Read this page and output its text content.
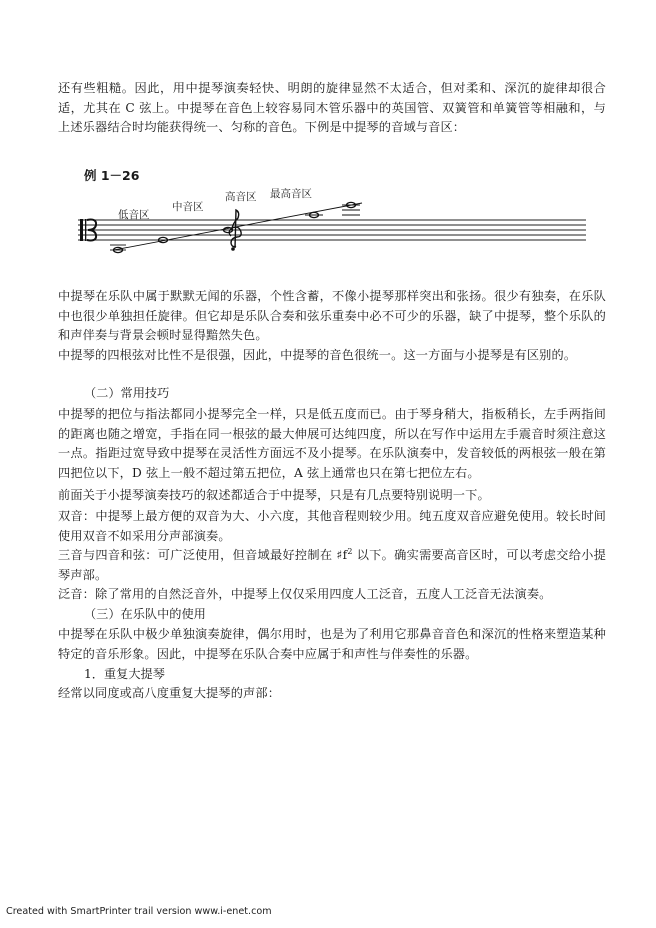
还有些粗糙。因此，用中提琴演奏轻快、明朗的旋律显然不太适合，但对柔和、深沉的旋律却很合适，尤其在 C 弦上。中提琴在音色上较容易同木管乐器中的英国管、双簧管和单簧管等相融和，与上述乐器结合时均能获得统一、匀称的音色。下例是中提琴的音域与音区：

例 1－26
低音区
中音区
高音区 最高音区

中提琴在乐队中属于默默无闻的乐器，个性含蓄，不像小提琴那样突出和张扬。很少有独奏，在乐队中也很少单独担任旋律。但它却是乐队合奏和弦乐重奏中必不可少的乐器，缺了中提琴，整个乐队的和声伴奏与背景会顿时显得黯然失色。

中提琴的四根弦对比性不是很强，因此，中提琴的音色很统一。这一方面与小提琴是有区别的。

（二）常用技巧

中提琴的把位与指法都同小提琴完全一样，只是低五度而已。由于琴身稍大，指板稍长，左手两指间的距离也随之增宽，手指在同一根弦的最大伸展可达纯四度，所以在写作中运用左手震音时须注意这一点。指距过宽导致中提琴在灵活性方面远不及小提琴。在乐队演奏中，发音较低的两根弦一般在第四把位以下，D 弦上一般不超过第五把位，A 弦上通常也只在第七把位左右。

前面关于小提琴演奏技巧的叙述都适合于中提琴，只是有几点要特别说明一下。

双音：中提琴上最方便的双音为大、小六度，其他音程则较少用。纯五度双音应避免使用。较长时间使用双音不如采用分声部演奏。

三音与四音和弦：可广泛使用，但音域最好控制在 $♯f^2$ 以下。确实需要高音区时，可以考虑交给小提琴声部。

泛音：除了常用的自然泛音外，中提琴上仅仅采用四度人工泛音，五度人工泛音无法演奏。

（三）在乐队中的使用

中提琴在乐队中极少单独演奏旋律，偶尔用时，也是为了利用它那鼻音音色和深沉的性格来塑造某种特定的音乐形象。因此，中提琴在乐队合奏中应属于和声性与伴奏性的乐器。

1．重复大提琴

经常以同度或高八度重复大提琴的声部：

Created with SmartPrinter trail version www.i-enet.com
